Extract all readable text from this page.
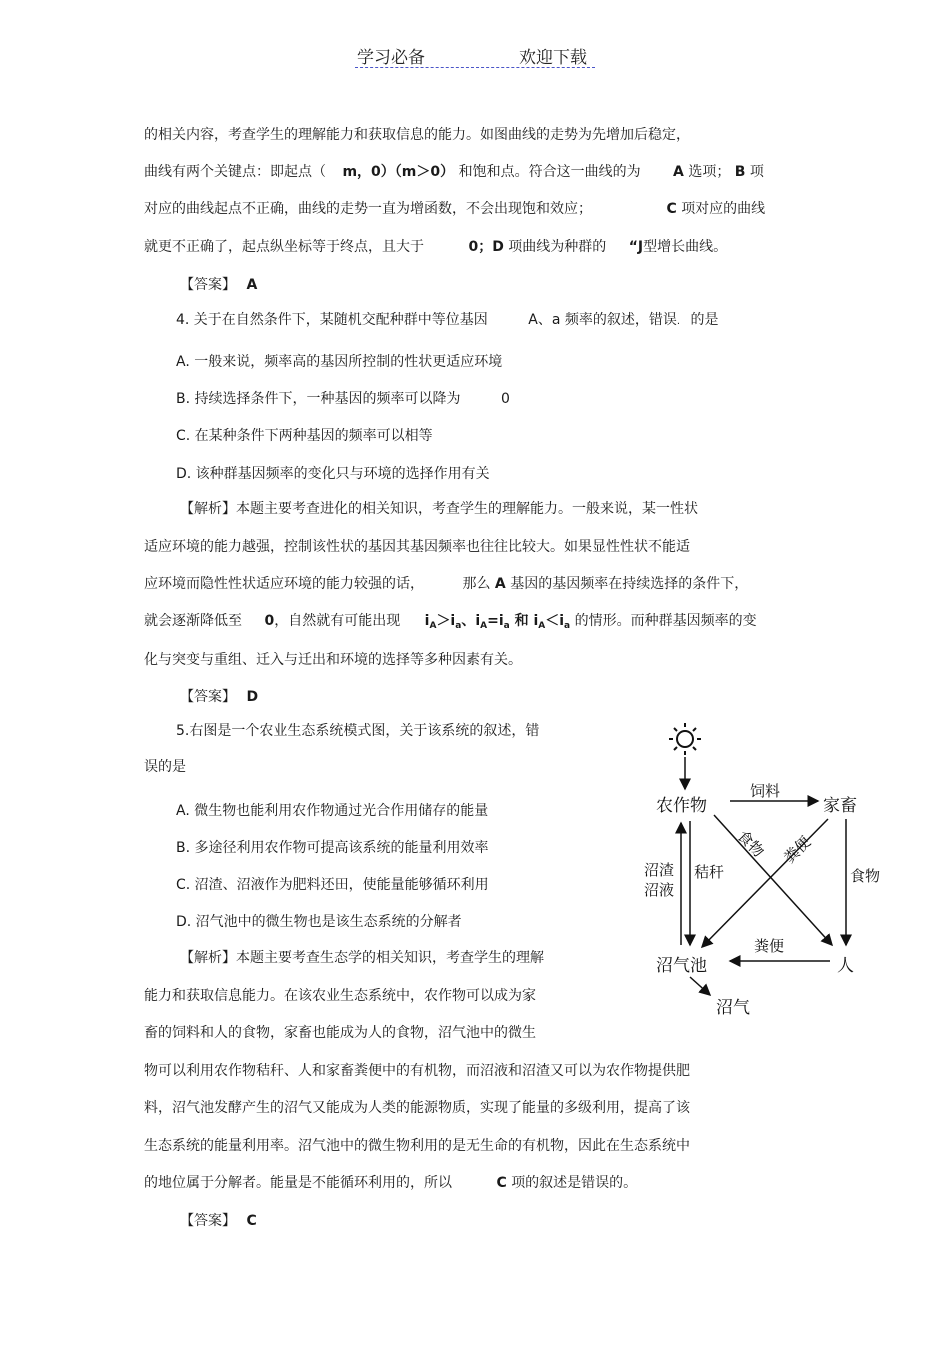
学习必备	欢迎下载
的相关内容，考查学生的理解能力和获取信息的能力。如图曲线的走势为先增加后稳定，
曲线有两个关键点：即起点（ m，0）（m＞0） 和饱和点。符合这一曲线的为 A 选项； B 项
对应的曲线起点不正确，曲线的走势一直为增函数，不会出现饱和效应；	C 项对应的曲线
就更不正确了，起点纵坐标等于终点，且大于	0；D 项曲线为种群的 “J型增长曲线。
【答案】 A
4. 关于在自然条件下，某随机交配种群中等位基因	A、a 频率的叙述，错误. 的是
A. 一般来说，频率高的基因所控制的性状更适应环境
B. 持续选择条件下，一种基因的频率可以降为	0
C. 在某种条件下两种基因的频率可以相等
D. 该种群基因频率的变化只与环境的选择作用有关
【解析】本题主要考查进化的相关知识，考查学生的理解能力。一般来说，某一性状
适应环境的能力越强，控制该性状的基因其基因频率也往往比较大。如果显性性状不能适
应环境而隐性性状适应环境的能力较强的话，	那么 A 基因的基因频率在持续选择的条件下，
就会逐渐降低至 0，自然就有可能出现 $i_A>i_a$、$i_A=i_a$ 和 $i_A<i_a$ 的情形。而种群基因频率的变
化与突变与重组、迁入与迁出和环境的选择等多种因素有关。
【答案】 D
5.右图是一个农业生态系统模式图，关于该系统的叙述，错
误的是
A. 微生物也能利用农作物通过光合作用储存的能量
B. 多途径利用农作物可提高该系统的能量利用效率
C. 沼渣、沼液作为肥料还田，使能量能够循环利用
D. 沼气池中的微生物也是该生态系统的分解者
【解析】本题主要考查生态学的相关知识，考查学生的理解
能力和获取信息能力。在该农业生态系统中，农作物可以成为家
畜的饲料和人的食物，家畜也能成为人的食物，沼气池中的微生
物可以利用农作物秸秆、人和家畜粪便中的有机物，而沼液和沼渣又可以为农作物提供肥
料，沼气池发酵产生的沼气又能成为人类的能源物质，实现了能量的多级利用，提高了该
生态系统的能量利用率。沼气池中的微生物利用的是无生命的有机物，因此在生态系统中
的地位属于分解者。能量是不能循环利用的，所以	C 项的叙述是错误的。
【答案】 C
农作物	家畜
沼气池	人
沼气
饲料
食物 粪便
食物
秸秆
沼渣
沼液
粪便
